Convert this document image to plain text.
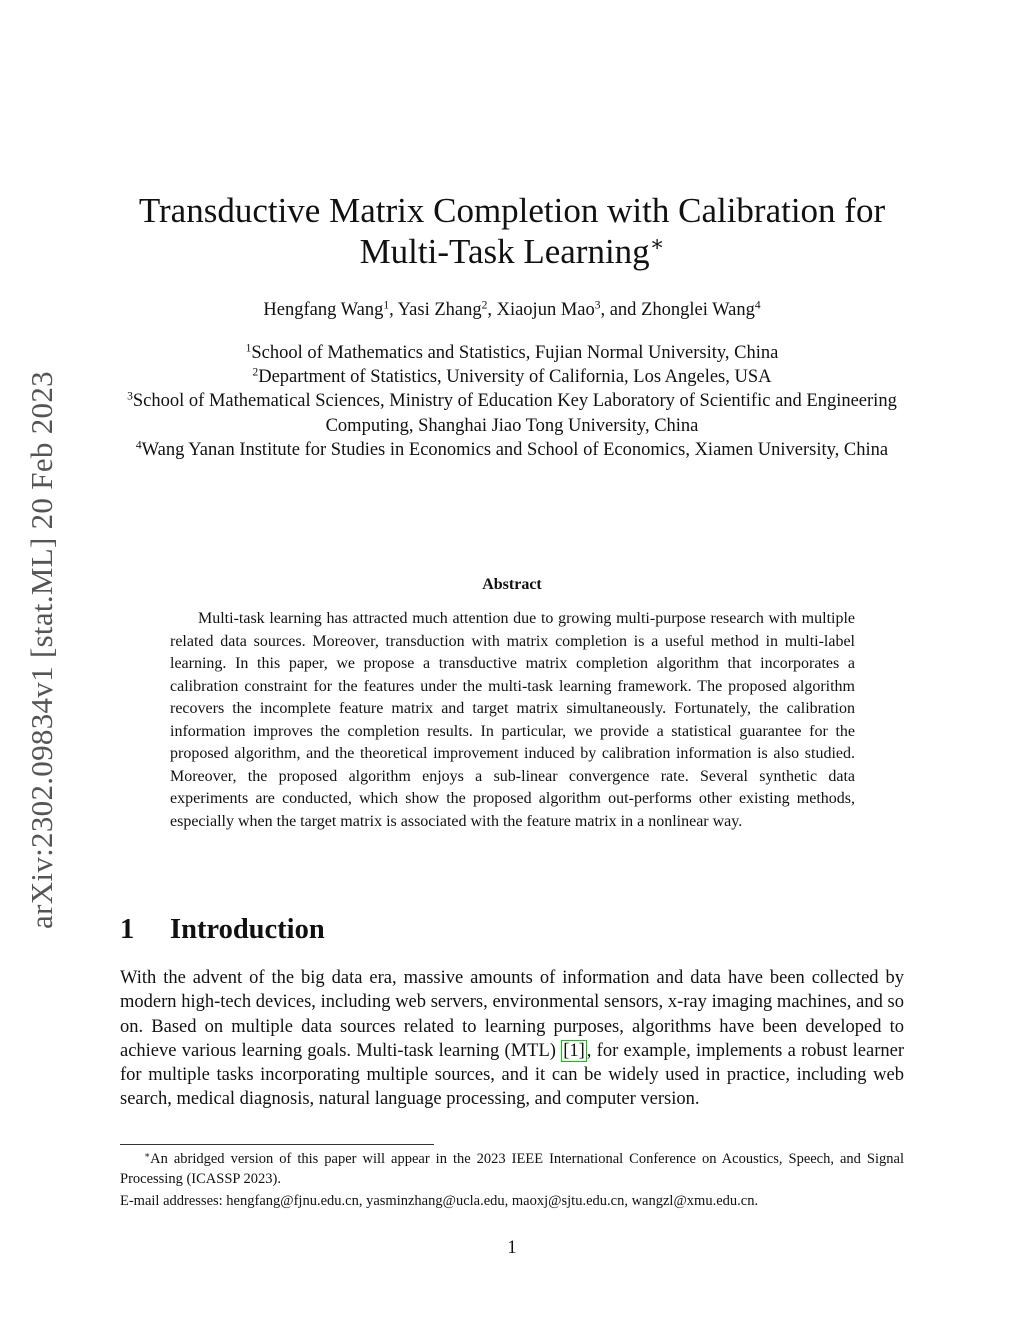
arXiv:2302.09834v1 [stat.ML] 20 Feb 2023
Transductive Matrix Completion with Calibration for
Multi-Task Learning∗
Hengfang Wang$^1$, Yasi Zhang$^2$, Xiaojun Mao$^3$, and Zhonglei Wang$^4$
$^1$School of Mathematics and Statistics, Fujian Normal University, China
$^2$Department of Statistics, University of California, Los Angeles, USA
$^3$School of Mathematical Sciences, Ministry of Education Key Laboratory of Scientific and Engineering Computing, Shanghai Jiao Tong University, China
$^4$Wang Yanan Institute for Studies in Economics and School of Economics, Xiamen University, China
Abstract
Multi-task learning has attracted much attention due to growing multi-purpose research with multiple related data sources. Moreover, transduction with matrix completion is a useful method in multi-label learning. In this paper, we propose a transductive matrix completion algorithm that incorporates a calibration constraint for the features under the multi-task learning framework. The proposed algorithm recovers the incomplete feature matrix and target matrix simultaneously. Fortunately, the calibration information improves the completion results. In particular, we provide a statistical guarantee for the proposed algorithm, and the theoretical improvement induced by calibration information is also studied. Moreover, the proposed algorithm enjoys a sub-linear convergence rate. Several synthetic data experiments are conducted, which show the proposed algorithm out-performs other existing methods, especially when the target matrix is associated with the feature matrix in a nonlinear way.
1 Introduction
With the advent of the big data era, massive amounts of information and data have been collected by modern high-tech devices, including web servers, environmental sensors, x-ray imaging machines, and so on. Based on multiple data sources related to learning purposes, algorithms have been developed to achieve various learning goals. Multi-task learning (MTL) [1] , for example, implements a robust learner for multiple tasks incorporating multiple sources, and it can be widely used in practice, including web search, medical diagnosis, natural language processing, and computer version.
∗An abridged version of this paper will appear in the 2023 IEEE International Conference on Acoustics, Speech, and Signal Processing (ICASSP 2023).
E-mail addresses: hengfang@fjnu.edu.cn, yasminzhang@ucla.edu, maoxj@sjtu.edu.cn, wangzl@xmu.edu.cn.
1
